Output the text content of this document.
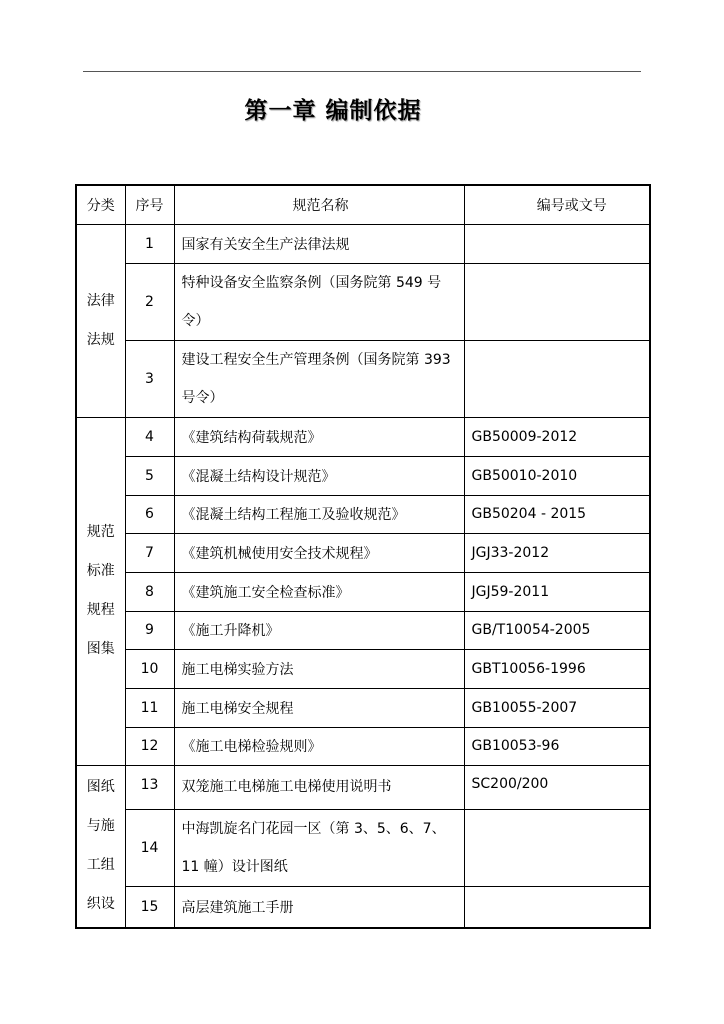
第一章 编制依据
分类	序号	规范名称	编号或文号
法律
法规	1	国家有关安全生产法律法规	
	2	特种设备安全监察条例（国务院第 549 号令）	
	3	建设工程安全生产管理条例（国务院第 393 号令）	
规范
标准
规程
图集	4	《建筑结构荷载规范》	GB50009-2012
	5	《混凝土结构设计规范》	GB50010-2010
	6	《混凝土结构工程施工及验收规范》	GB50204 - 2015
	7	《建筑机械使用安全技术规程》	JGJ33-2012
	8	《建筑施工安全检查标准》	JGJ59-2011
	9	《施工升降机》	GB/T10054-2005
	10	施工电梯实验方法	GBT10056-1996
	11	施工电梯安全规程	GB10055-2007
	12	《施工电梯检验规则》	GB10053-96
图纸
与施
工组
织设	13	双笼施工电梯施工电梯使用说明书	SC200/200
	14	中海凯旋名门花园一区（第 3、5、6、7、11 幢）设计图纸	
	15	高层建筑施工手册	
